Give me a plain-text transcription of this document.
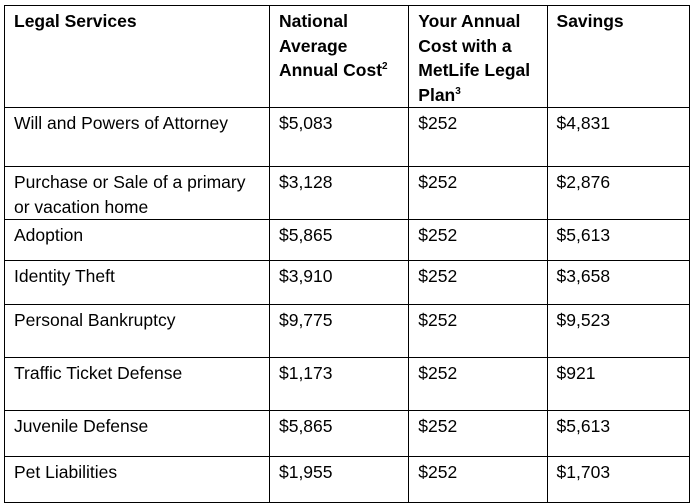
Legal Services	National Average Annual Cost$^2$	Your Annual Cost with a MetLife Legal Plan$^3$	Savings
Will and Powers of Attorney	$5,083	$252	$4,831
Purchase or Sale of a primary or vacation home	$3,128	$252	$2,876
Adoption	$5,865	$252	$5,613
Identity Theft	$3,910	$252	$3,658
Personal Bankruptcy	$9,775	$252	$9,523
Traffic Ticket Defense	$1,173	$252	$921
Juvenile Defense	$5,865	$252	$5,613
Pet Liabilities	$1,955	$252	$1,703
